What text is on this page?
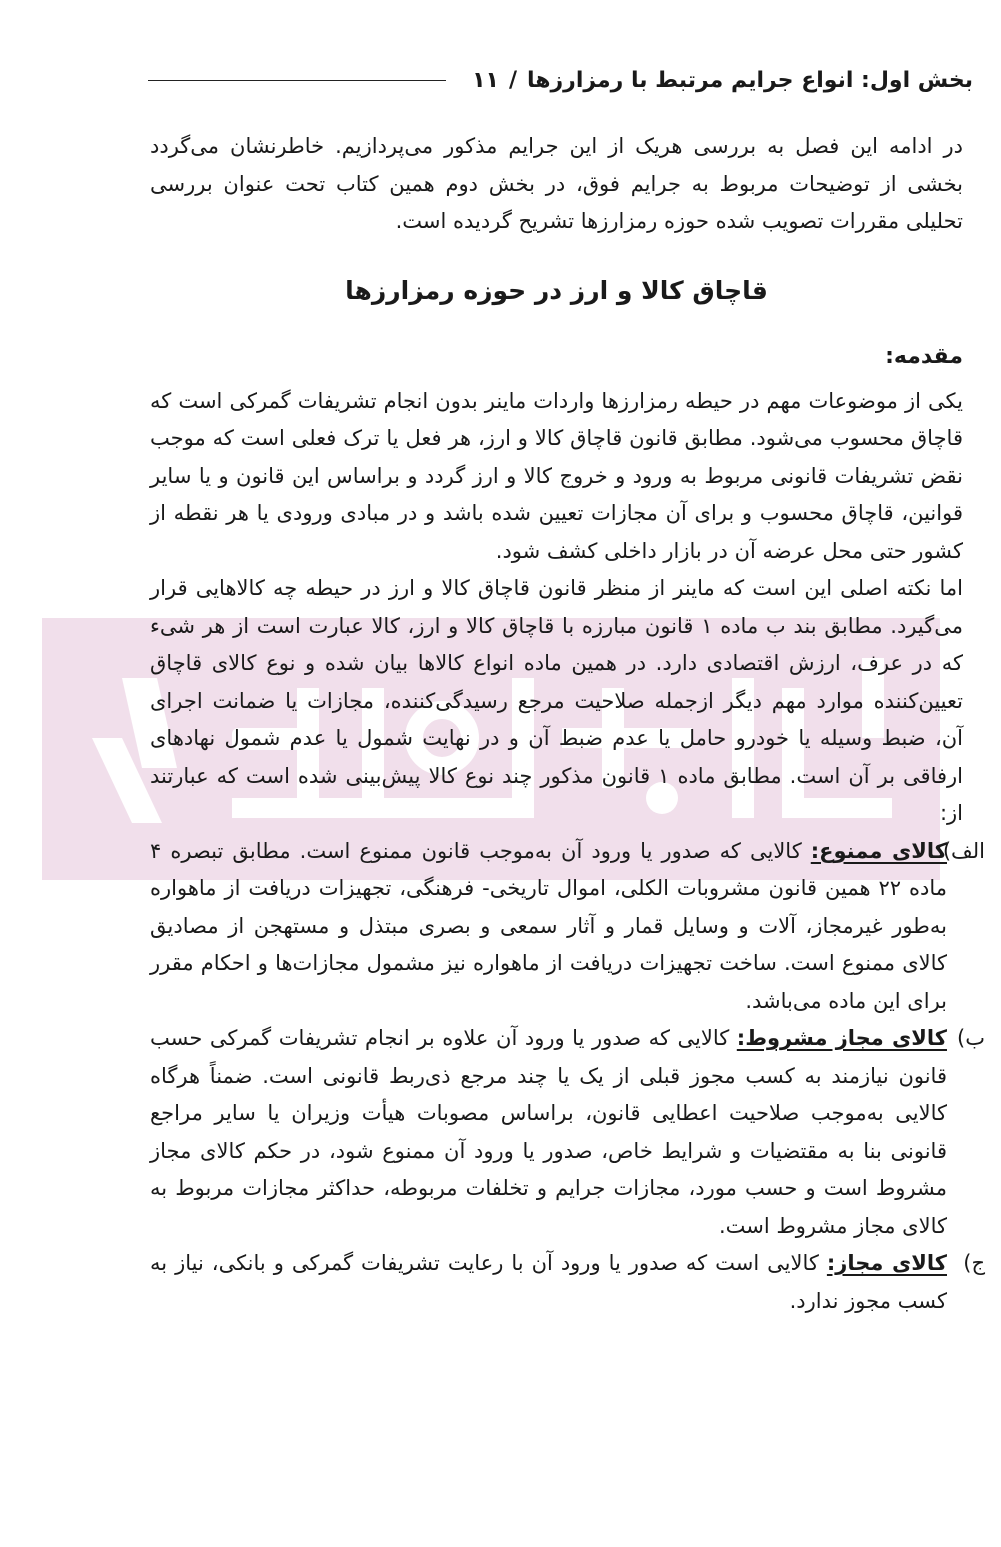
بخش اول: انواع جرایم مرتبط با رمزارزها
/
۱۱

در ادامه این فصل به بررسی هریک از این جرایم مذکور می‌پردازیم. خاطرنشان می‌گردد بخشی از توضیحات مربوط به جرایم فوق، در بخش دوم همین کتاب تحت عنوان بررسی تحلیلی مقررات تصویب شده حوزه رمزارزها تشریح گردیده است.

قاچاق کالا و ارز در حوزه رمزارزها

مقدمه:

یکی از موضوعات مهم در حیطه رمزارزها واردات ماینر بدون انجام تشریفات گمرکی است که قاچاق محسوب می‌شود. مطابق قانون قاچاق کالا و ارز، هر فعل یا ترک فعلی است که موجب نقض تشریفات قانونی مربوط به ورود و خروج کالا و ارز گردد و براساس این قانون و یا سایر قوانین، قاچاق محسوب و برای آن مجازات تعیین شده باشد و در مبادی ورودی یا هر نقطه از کشور حتی محل عرضه آن در بازار داخلی کشف شود.

اما نکته اصلی این است که ماینر از منظر قانون قاچاق کالا و ارز در حیطه چه کالاهایی قرار می‌گیرد. مطابق بند ب ماده ۱ قانون مبارزه با قاچاق کالا و ارز، کالا عبارت است از هر شیء که در عرف، ارزش اقتصادی دارد. در همین ماده انواع کالاها بیان شده و نوع کالای قاچاق تعیین‌کننده موارد مهم دیگر ازجمله صلاحیت مرجع رسیدگی‌کننده، مجازات یا ضمانت اجرای آن، ضبط وسیله یا خودرو حامل یا عدم ضبط آن و در نهایت شمول یا عدم شمول نهادهای ارفاقی بر آن است. مطابق ماده ۱ قانون مذکور چند نوع کالا پیش‌بینی شده است که عبارتند از:

الف)

کالای ممنوع: کالایی که صدور یا ورود آن به‌موجب قانون ممنوع است. مطابق تبصره ۴ ماده ۲۲ همین قانون مشروبات الکلی، اموال تاریخی- فرهنگی، تجهیزات دریافت از ماهواره به‌طور غیرمجاز، آلات و وسایل قمار و آثار سمعی و بصری مبتذل و مستهجن از مصادیق کالای ممنوع است. ساخت تجهیزات دریافت از ماهواره نیز مشمول مجازات‌ها و احکام مقرر برای این ماده می‌باشد.

ب)

کالای مجاز مشروط: کالایی که صدور یا ورود آن علاوه بر انجام تشریفات گمرکی حسب قانون نیازمند به کسب مجوز قبلی از یک یا چند مرجع ذی‌ربط قانونی است. ضمناً هرگاه کالایی به‌موجب صلاحیت اعطایی قانون، براساس مصوبات هیأت وزیران یا سایر مراجع قانونی بنا به مقتضیات و شرایط خاص، صدور یا ورود آن ممنوع شود، در حکم کالای مجاز مشروط است و حسب مورد، مجازات جرایم و تخلفات مربوطه، حداکثر مجازات مربوط به کالای مجاز مشروط است.

ج)

کالای مجاز: کالایی است که صدور یا ورود آن با رعایت تشریفات گمرکی و بانکی، نیاز به کسب مجوز ندارد.
